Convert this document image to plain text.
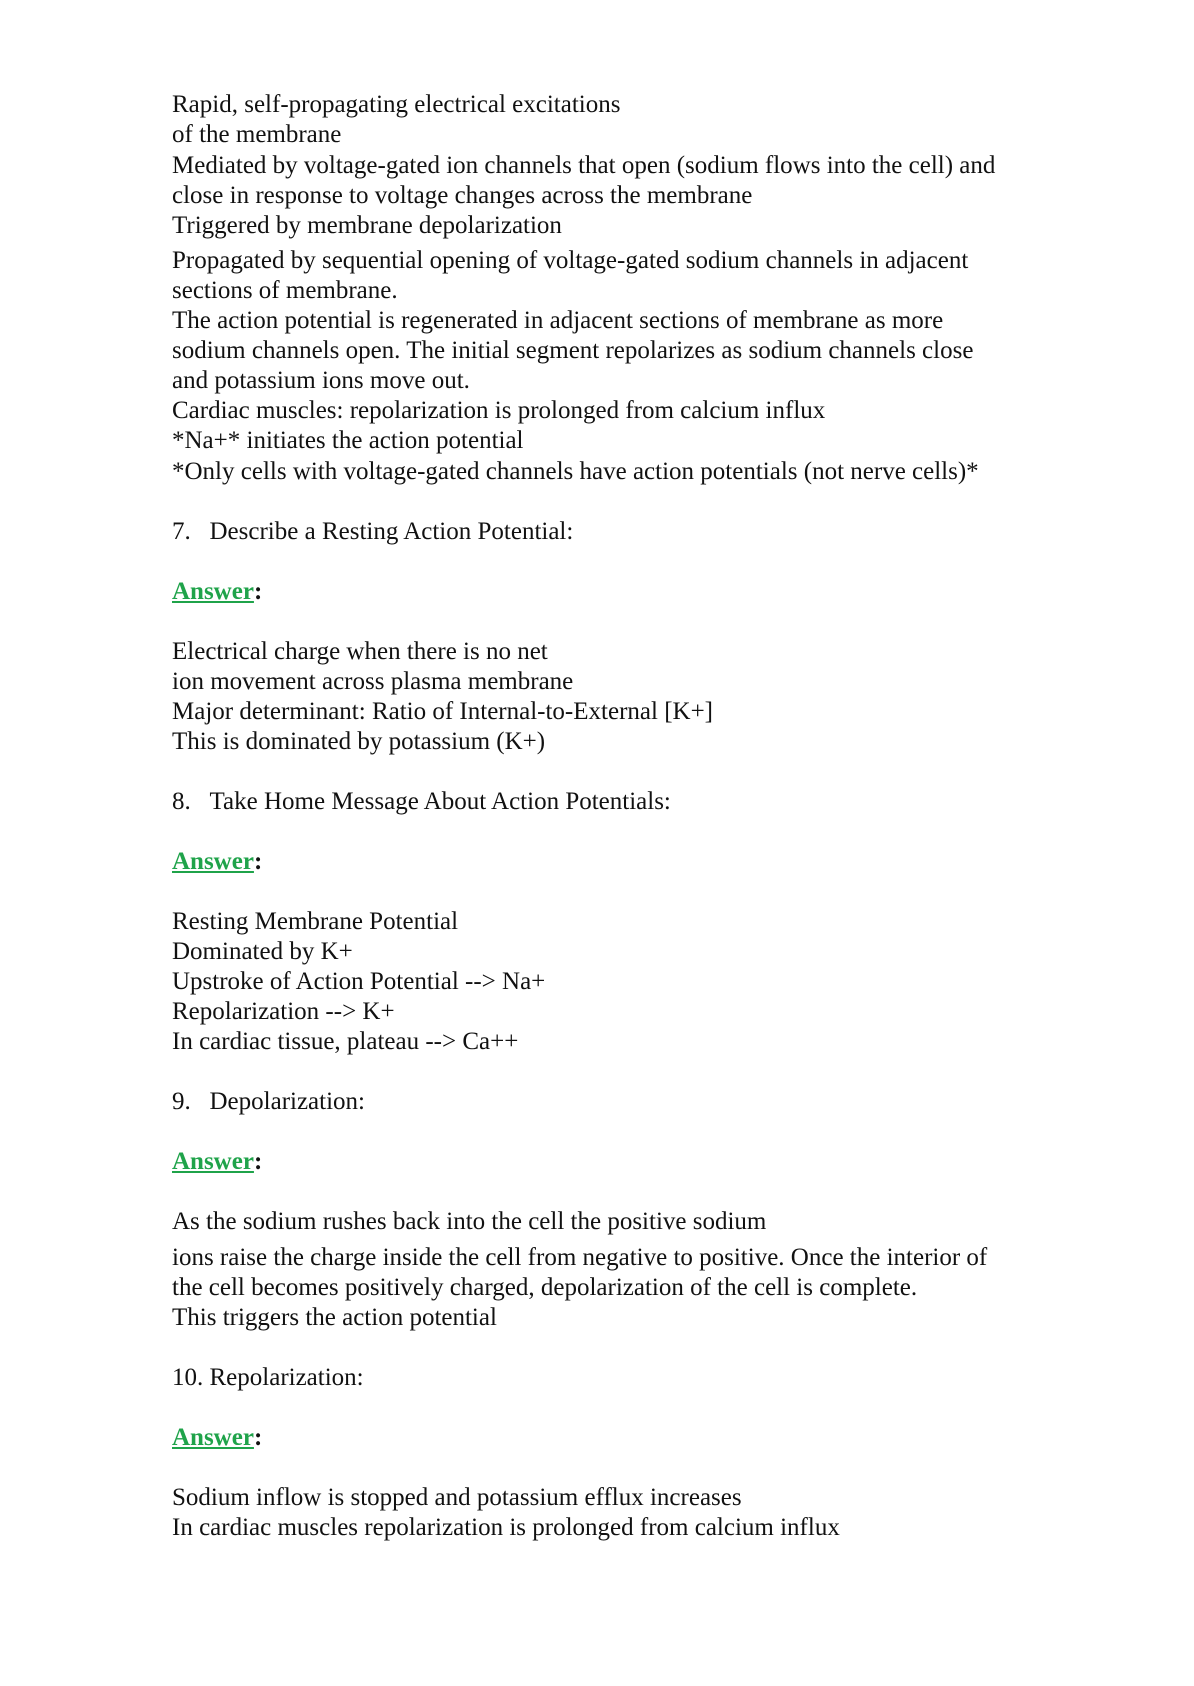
Rapid, self-propagating electrical excitations
of the membrane
Mediated by voltage-gated ion channels that open (sodium flows into the cell) and
close in response to voltage changes across the membrane
Triggered by membrane depolarization
Propagated by sequential opening of voltage-gated sodium channels in adjacent
sections of membrane.
The action potential is regenerated in adjacent sections of membrane as more
sodium channels open. The initial segment repolarizes as sodium channels close
and potassium ions move out.
Cardiac muscles: repolarization is prolonged from calcium influx
*Na+* initiates the action potential
*Only cells with voltage-gated channels have action potentials (not nerve cells)*
7.   Describe a Resting Action Potential:
Answer:
Electrical charge when there is no net
ion movement across plasma membrane
Major determinant: Ratio of Internal-to-External [K+]
This is dominated by potassium (K+)
8.   Take Home Message About Action Potentials:
Answer:
Resting Membrane Potential
Dominated by K+
Upstroke of Action Potential --> Na+
Repolarization --> K+
In cardiac tissue, plateau --> Ca++
9.   Depolarization:
Answer:
As the sodium rushes back into the cell the positive sodium
ions raise the charge inside the cell from negative to positive. Once the interior of
the cell becomes positively charged, depolarization of the cell is complete.
This triggers the action potential
10. Repolarization:
Answer:
Sodium inflow is stopped and potassium efflux increases
In cardiac muscles repolarization is prolonged from calcium influx
